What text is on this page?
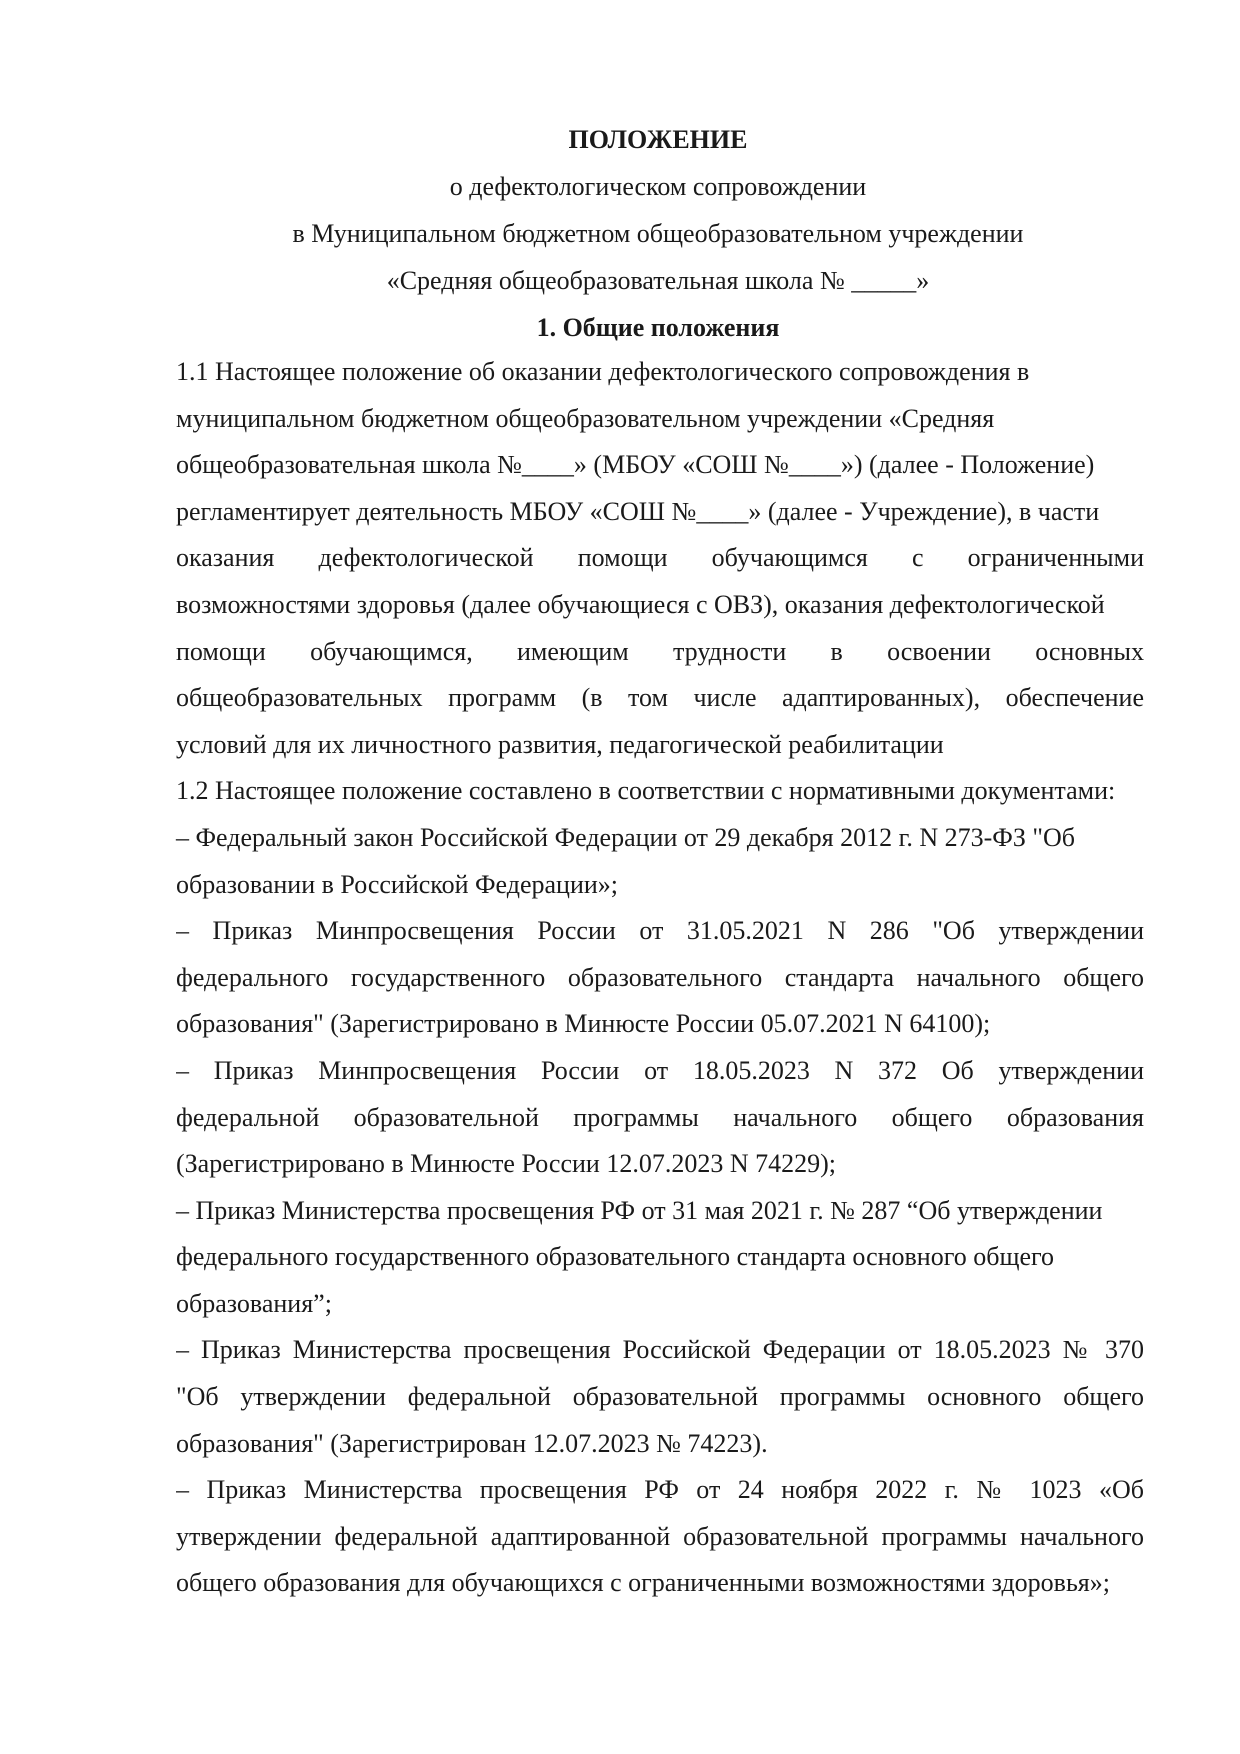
ПОЛОЖЕНИЕ
о дефектологическом сопровождении
в Муниципальном бюджетном общеобразовательном учреждении
«Средняя общеобразовательная школа № _____»
1. Общие положения
1.1 Настоящее положение об оказании дефектологического сопровождения в
муниципальном бюджетном общеобразовательном учреждении «Средняя
общеобразовательная школа №____» (МБОУ «СОШ №____») (далее - Положение)
регламентирует деятельность МБОУ «СОШ №____» (далее - Учреждение), в части
оказания дефектологической помощи обучающимся с ограниченными
возможностями здоровья (далее обучающиеся с ОВЗ), оказания дефектологической
помощи обучающимся, имеющим трудности в освоении основных
общеобразовательных программ (в том числе адаптированных), обеспечение
условий для их личностного развития, педагогической реабилитации
1.2 Настоящее положение составлено в соответствии с нормативными документами:
– Федеральный закон Российской Федерации от 29 декабря 2012 г. N 273-ФЗ "Об
образовании в Российской Федерации»;
– Приказ Минпросвещения России от 31.05.2021 N 286 "Об утверждении
федерального государственного образовательного стандарта начального общего
образования" (Зарегистрировано в Минюсте России 05.07.2021 N 64100);
– Приказ Минпросвещения России от 18.05.2023 N 372 Об утверждении
федеральной образовательной программы начального общего образования
(Зарегистрировано в Минюсте России 12.07.2023 N 74229);
– Приказ Министерства просвещения РФ от 31 мая 2021 г. № 287 “Об утверждении
федерального государственного образовательного стандарта основного общего
образования”;
– Приказ Министерства просвещения Российской Федерации от 18.05.2023 № 370
"Об утверждении федеральной образовательной программы основного общего
образования" (Зарегистрирован 12.07.2023 № 74223).
– Приказ Министерства просвещения РФ от 24 ноября 2022 г. № 1023 «Об
утверждении федеральной адаптированной образовательной программы начального
общего образования для обучающихся с ограниченными возможностями здоровья»;
